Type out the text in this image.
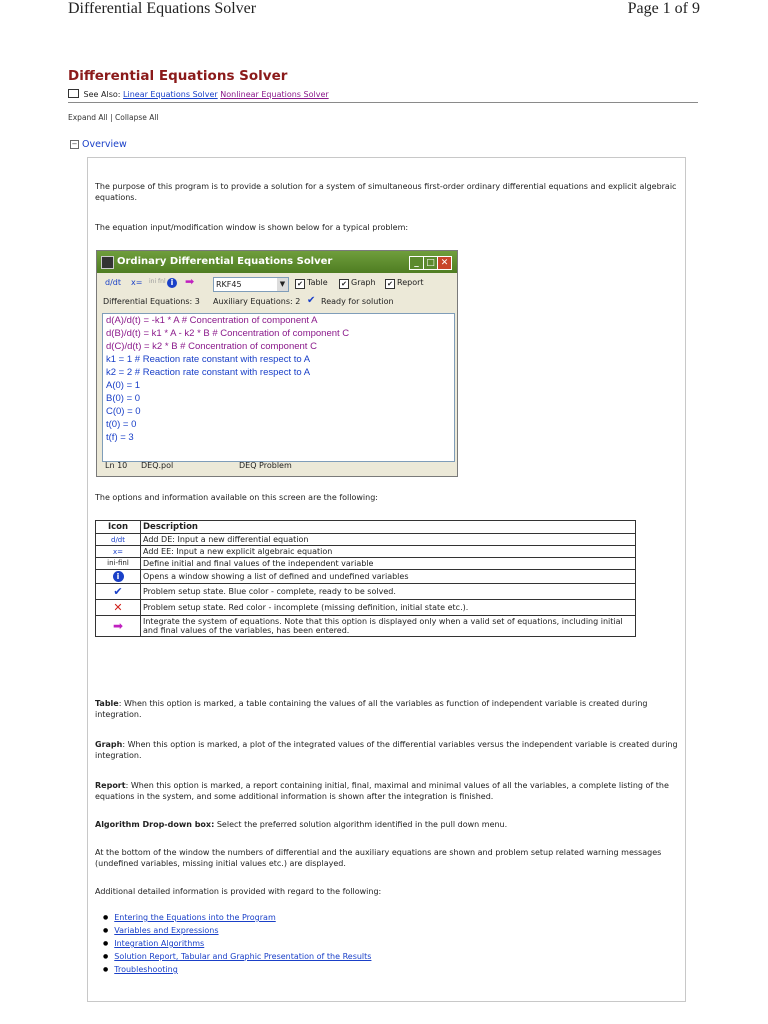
Differential Equations Solver	Page 1 of 9
Differential Equations Solver
See Also: Linear Equations Solver Nonlinear Equations Solver
Expand All | Collapse All
− Overview
The purpose of this program is to provide a solution for a system of simultaneous first-order ordinary differential equations and explicit algebraic equations.
The equation input/modification window is shown below for a typical problem:
Ordinary Differential Equations Solver	_ □ ✕
d/dt x= ini fnl i	➡	RKF45	▼	✔ Table ✔ Graph ✔ Report
Differential Equations: 3 Auxiliary Equations: 2 ✔ Ready for solution
d(A)/d(t) = -k1 * A # Concentration of component A
d(B)/d(t) = k1 * A - k2 * B # Concentration of component C
d(C)/d(t) = k2 * B # Concentration of component C
k1 = 1 # Reaction rate constant with respect to A
k2 = 2 # Reaction rate constant with respect to A
A(0) = 1
B(0) = 0
C(0) = 0
t(0) = 0
t(f) = 3
Ln 10 DEQ.pol	DEQ Problem
The options and information available on this screen are the following:
Icon	Description
d/dt	Add DE: Input a new differential equation
x=	Add EE: Input a new explicit algebraic equation
ini-finl	Define initial and final values of the independent variable
i	Opens a window showing a list of defined and undefined variables
✔	Problem setup state. Blue color - complete, ready to be solved.
✕	Problem setup state. Red color - incomplete (missing definition, initial state etc.).
➡	Integrate the system of equations. Note that this option is displayed only when a valid set of equations, including initial and final values of the variables, has been entered.
Table: When this option is marked, a table containing the values of all the variables as function of independent variable is created during integration.
Graph: When this option is marked, a plot of the integrated values of the differential variables versus the independent variable is created during integration.
Report: When this option is marked, a report containing initial, final, maximal and minimal values of all the variables, a complete listing of the equations in the system, and some additional information is shown after the integration is finished.
Algorithm Drop-down box: Select the preferred solution algorithm identified in the pull down menu.
At the bottom of the window the numbers of differential and the auxiliary equations are shown and problem setup related warning messages (undefined variables, missing initial values etc.) are displayed.
Additional detailed information is provided with regard to the following:
● Entering the Equations into the Program
● Variables and Expressions
● Integration Algorithms
● Solution Report, Tabular and Graphic Presentation of the Results
● Troubleshooting
